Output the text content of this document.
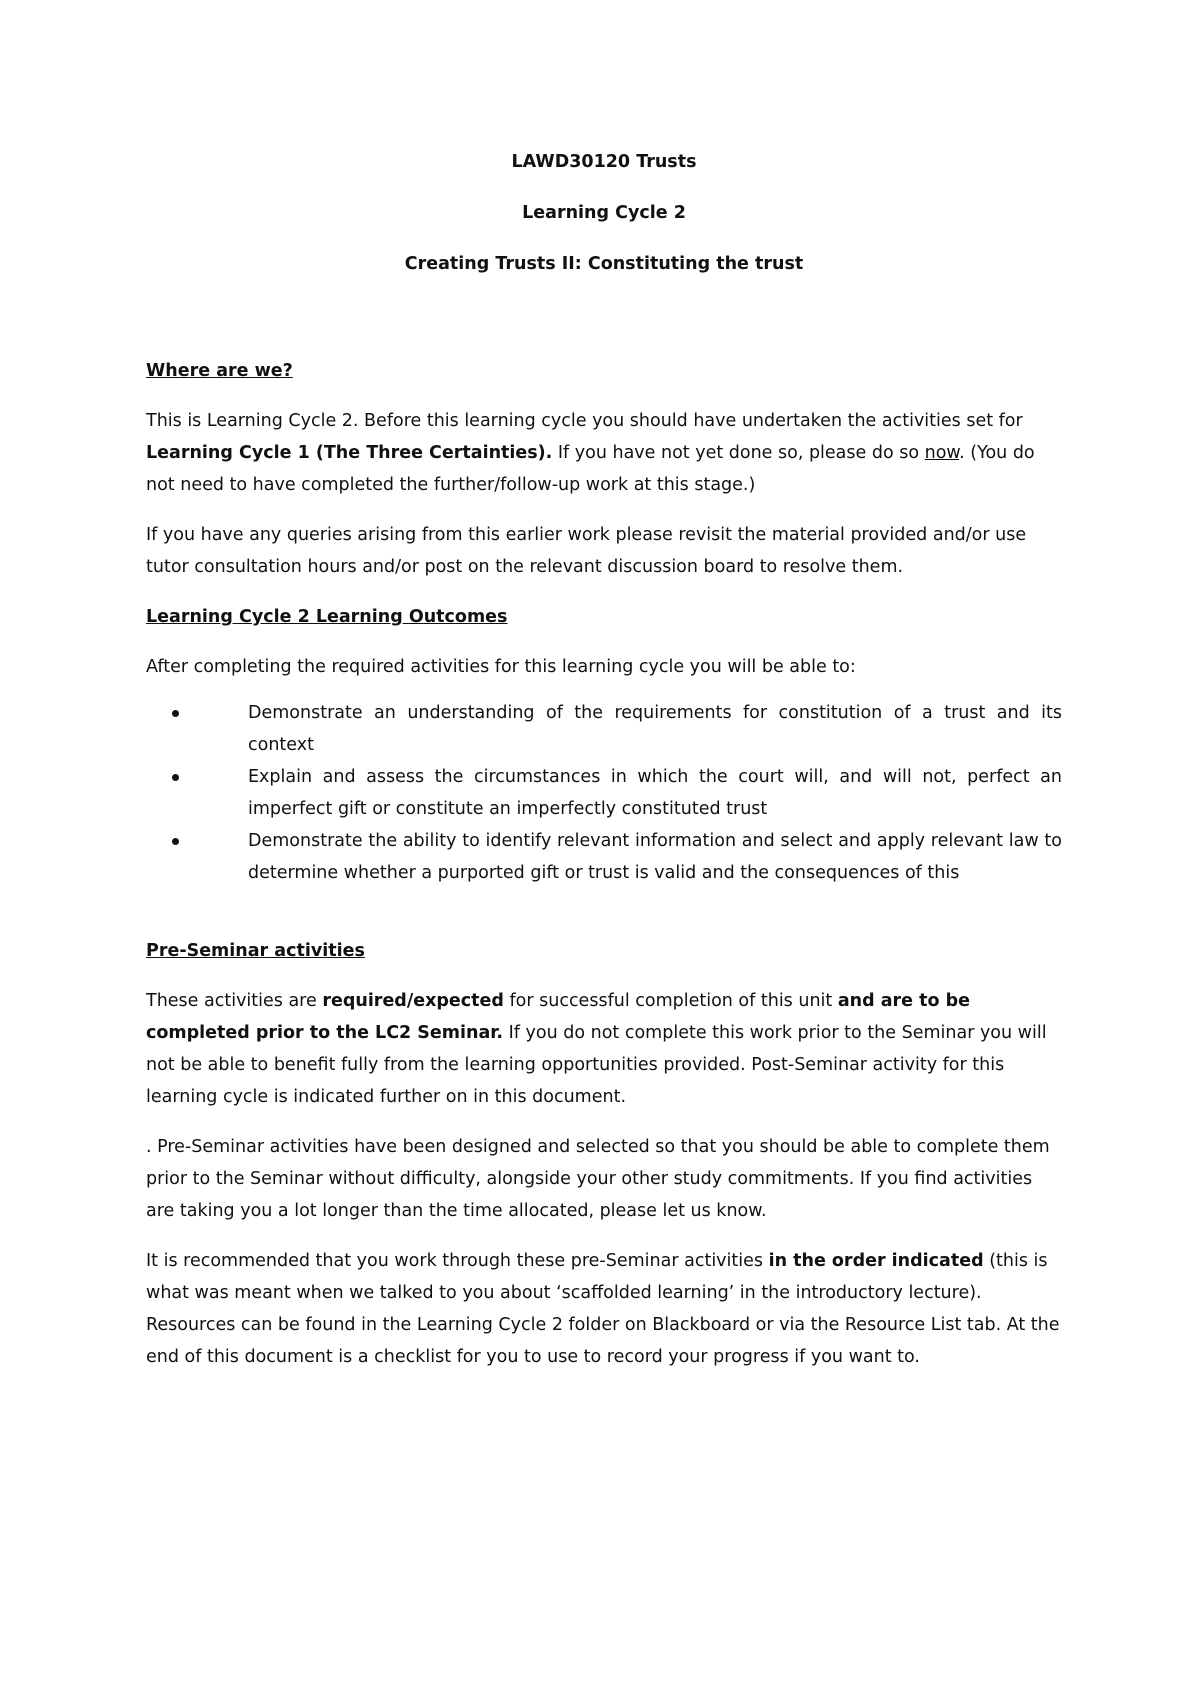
LAWD30120 Trusts

Learning Cycle 2

Creating Trusts II: Constituting the trust

Where are we?

This is Learning Cycle 2. Before this learning cycle you should have undertaken the activities set for Learning Cycle 1 (The Three Certainties). If you have not yet done so, please do so now. (You do not need to have completed the further/follow-up work at this stage.)

If you have any queries arising from this earlier work please revisit the material provided and/or use tutor consultation hours and/or post on the relevant discussion board to resolve them.

Learning Cycle 2 Learning Outcomes

After completing the required activities for this learning cycle you will be able to:

Demonstrate an understanding of the requirements for constitution of a trust and its context
Explain and assess the circumstances in which the court will, and will not, perfect an imperfect gift or constitute an imperfectly constituted trust
Demonstrate the ability to identify relevant information and select and apply relevant law to determine whether a purported gift or trust is valid and the consequences of this
Pre-Seminar activities

These activities are required/expected for successful completion of this unit and are to be completed prior to the LC2 Seminar. If you do not complete this work prior to the Seminar you will not be able to benefit fully from the learning opportunities provided. Post-Seminar activity for this learning cycle is indicated further on in this document.

. Pre-Seminar activities have been designed and selected so that you should be able to complete them prior to the Seminar without difficulty, alongside your other study commitments. If you find activities are taking you a lot longer than the time allocated, please let us know.

It is recommended that you work through these pre-Seminar activities in the order indicated (this is what was meant when we talked to you about ‘scaffolded learning’ in the introductory lecture). Resources can be found in the Learning Cycle 2 folder on Blackboard or via the Resource List tab. At the end of this document is a checklist for you to use to record your progress if you want to.
